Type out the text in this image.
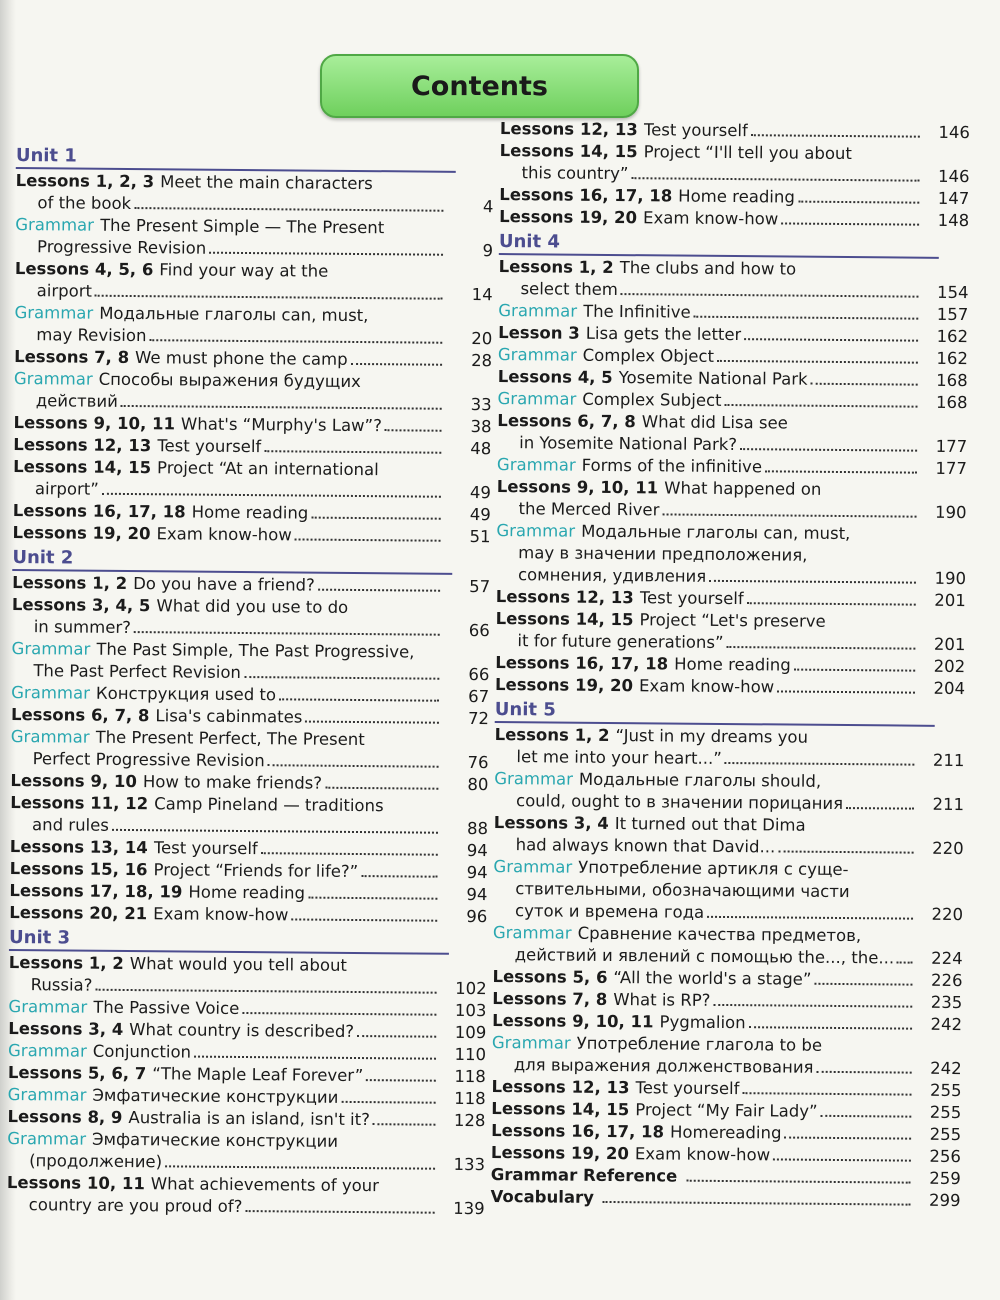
Contents
Unit 1
Lessons 1, 2, 3 Meet the main characters
of the book	4
Grammar The Present Simple — The Present
Progressive Revision	9
Lessons 4, 5, 6 Find your way at the
airport	14
Grammar Модальные глаголы can, must,
may Revision	20
Lessons 7, 8 We must phone the camp	28
Grammar Способы выражения будущих
действий	33
Lessons 9, 10, 11 What's “Murphy's Law”?	38
Lessons 12, 13 Test yourself	48
Lessons 14, 15 Project “At an international
airport”	49
Lessons 16, 17, 18 Home reading	49
Lessons 19, 20 Exam know-how	51
Unit 2
Lessons 1, 2 Do you have a friend?	57
Lessons 3, 4, 5 What did you use to do
in summer?	66
Grammar The Past Simple, The Past Progressive,
The Past Perfect Revision	66
Grammar Конструкция used to	67
Lessons 6, 7, 8 Lisa's cabinmates	72
Grammar The Present Perfect, The Present
Perfect Progressive Revision	76
Lessons 9, 10 How to make friends?	80
Lessons 11, 12 Camp Pineland — traditions
and rules	88
Lessons 13, 14 Test yourself	94
Lessons 15, 16 Project “Friends for life?”	94
Lessons 17, 18, 19 Home reading	94
Lessons 20, 21 Exam know-how	96
Unit 3
Lessons 1, 2 What would you tell about
Russia?	102
Grammar The Passive Voice	103
Lessons 3, 4 What country is described?	109
Grammar Conjunction	110
Lessons 5, 6, 7 “The Maple Leaf Forever”	118
Grammar Эмфатические конструкции	118
Lessons 8, 9 Australia is an island, isn't it?	128
Grammar Эмфатические конструкции
(продолжение)	133
Lessons 10, 11 What achievements of your
country are you proud of?	139
Lessons 12, 13 Test yourself	146
Lessons 14, 15 Project “I'll tell you about
this country”	146
Lessons 16, 17, 18 Home reading	147
Lessons 19, 20 Exam know-how	148
Unit 4
Lessons 1, 2 The clubs and how to
select them	154
Grammar The Infinitive	157
Lesson 3 Lisa gets the letter	162
Grammar Complex Object	162
Lessons 4, 5 Yosemite National Park	168
Grammar Complex Subject	168
Lessons 6, 7, 8 What did Lisa see
in Yosemite National Park?	177
Grammar Forms of the infinitive	177
Lessons 9, 10, 11 What happened on
the Merced River	190
Grammar Модальные глаголы can, must,
may в значении предположения,
сомнения, удивления	190
Lessons 12, 13 Test yourself	201
Lessons 14, 15 Project “Let's preserve
it for future generations”	201
Lessons 16, 17, 18 Home reading	202
Lessons 19, 20 Exam know-how	204
Unit 5
Lessons 1, 2 “Just in my dreams you
let me into your heart...”	211
Grammar Модальные глаголы should,
could, ought to в значении порицания	211
Lessons 3, 4 It turned out that Dima
had always known that David...	220
Grammar Употребление артикля с суще-
ствительными, обозначающими части
суток и времена года	220
Grammar Сравнение качества предметов,
действий и явлений с помощью the..., the...	224
Lessons 5, 6 “All the world's a stage”	226
Lessons 7, 8 What is RP?	235
Lessons 9, 10, 11 Pygmalion	242
Grammar Употребление глагола to be
для выражения долженствования	242
Lessons 12, 13 Test yourself	255
Lessons 14, 15 Project “My Fair Lady”	255
Lessons 16, 17, 18 Homereading	255
Lessons 19, 20 Exam know-how	256
Grammar Reference	259
Vocabulary	299
